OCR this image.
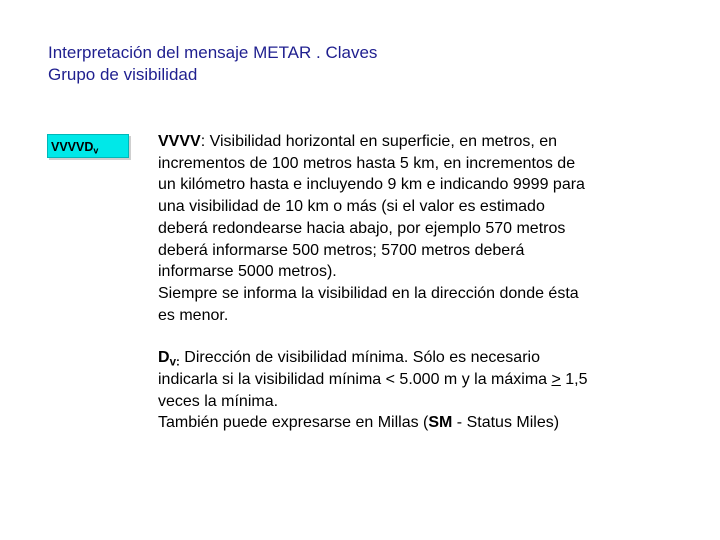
Interpretación del mensaje METAR . Claves
Grupo de visibilidad
$VVVVD_v$
VVVV: Visibilidad horizontal en superficie, en metros, en
incrementos de 100 metros hasta 5 km, en incrementos de
un kilómetro hasta e incluyendo 9 km e indicando 9999 para
una visibilidad de 10 km o más (si el valor es estimado
deberá redondearse hacia abajo, por ejemplo 570 metros
deberá informarse 500 metros; 5700 metros deberá
informarse 5000 metros).
Siempre se informa la visibilidad en la dirección donde ésta
es menor.
$D_{v:}$ Dirección de visibilidad mínima. Sólo es necesario
indicarla si la visibilidad mínima < 5.000 m y la máxima ≥ 1,5
veces la mínima.
También puede expresarse en Millas (SM - Status Miles)
